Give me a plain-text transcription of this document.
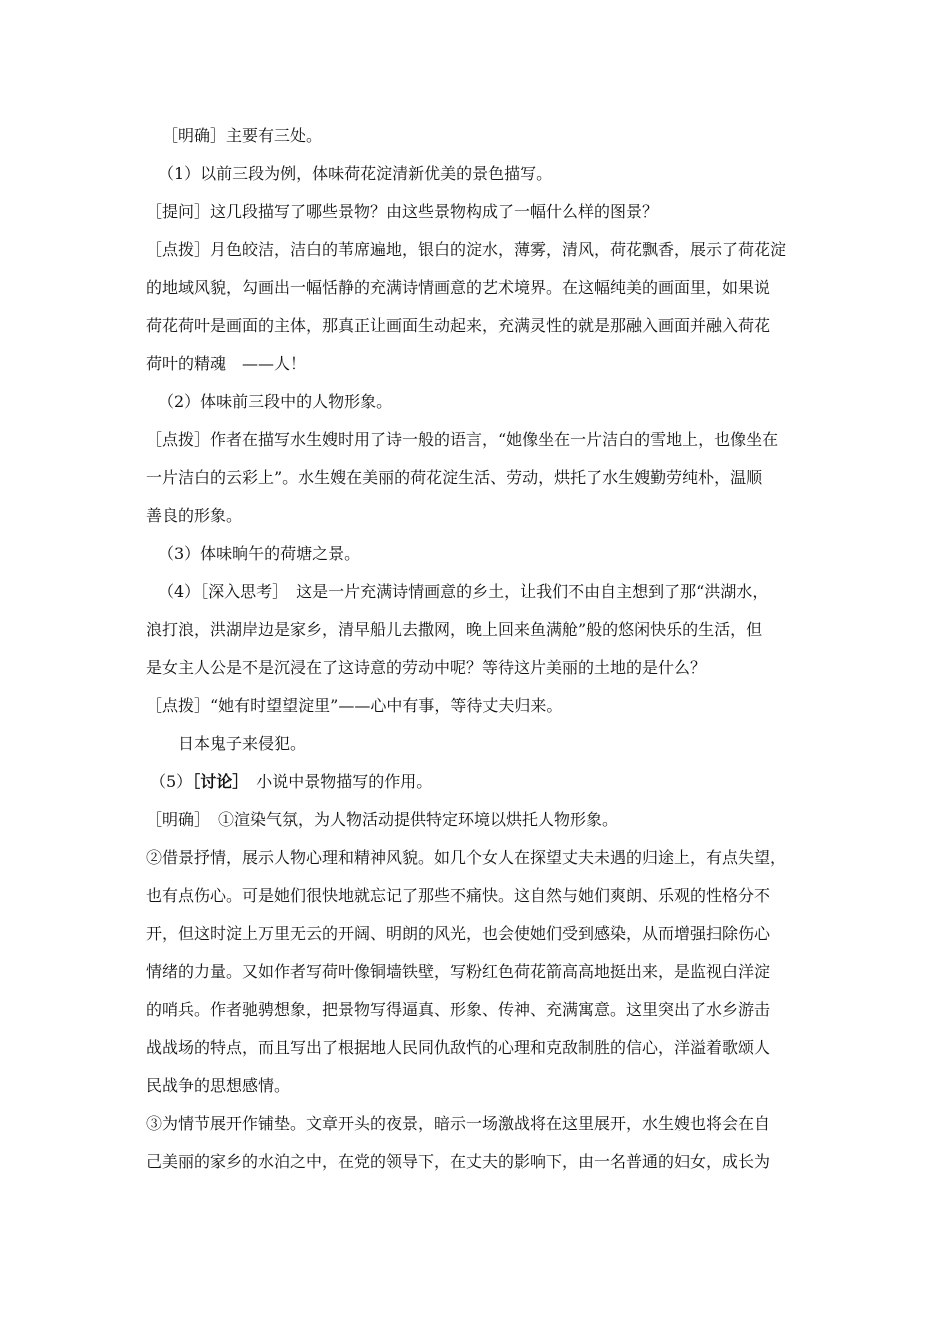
［明确］主要有三处。
（1）以前三段为例，体味荷花淀清新优美的景色描写。
［提问］这几段描写了哪些景物？由这些景物构成了一幅什么样的图景？
［点拨］月色皎洁，洁白的苇席遍地，银白的淀水，薄雾，清风，荷花飘香，展示了荷花淀
的地域风貌，勾画出一幅恬静的充满诗情画意的艺术境界。在这幅纯美的画面里，如果说
荷花荷叶是画面的主体，那真正让画面生动起来，充满灵性的就是那融入画面并融入荷花
荷叶的精魂　——人！
（2）体味前三段中的人物形象。
［点拨］作者在描写水生嫂时用了诗一般的语言，“她像坐在一片洁白的雪地上，也像坐在
一片洁白的云彩上”。水生嫂在美丽的荷花淀生活、劳动，烘托了水生嫂勤劳纯朴，温顺
善良的形象。
（3）体味晌午的荷塘之景。
（4）［深入思考］　这是一片充满诗情画意的乡土，让我们不由自主想到了那“洪湖水，
浪打浪，洪湖岸边是家乡，清早船儿去撒网，晚上回来鱼满舱”般的悠闲快乐的生活，但
是女主人公是不是沉浸在了这诗意的劳动中呢？等待这片美丽的土地的是什么？
［点拨］“她有时望望淀里”——心中有事，等待丈夫归来。
日本鬼子来侵犯。
（5）［讨论］　小说中景物描写的作用。
［明确］　①渲染气氛，为人物活动提供特定环境以烘托人物形象。
②借景抒情，展示人物心理和精神风貌。如几个女人在探望丈夫未遇的归途上，有点失望，
也有点伤心。可是她们很快地就忘记了那些不痛快。这自然与她们爽朗、乐观的性格分不
开，但这时淀上万里无云的开阔、明朗的风光，也会使她们受到感染，从而增强扫除伤心
情绪的力量。又如作者写荷叶像铜墙铁壁，写粉红色荷花箭高高地挺出来，是监视白洋淀
的哨兵。作者驰骋想象，把景物写得逼真、形象、传神、充满寓意。这里突出了水乡游击
战战场的特点，而且写出了根据地人民同仇敌忾的心理和克敌制胜的信心，洋溢着歌颂人
民战争的思想感情。
③为情节展开作铺垫。文章开头的夜景，暗示一场激战将在这里展开，水生嫂也将会在自
己美丽的家乡的水泊之中，在党的领导下，在丈夫的影响下，由一名普通的妇女，成长为
